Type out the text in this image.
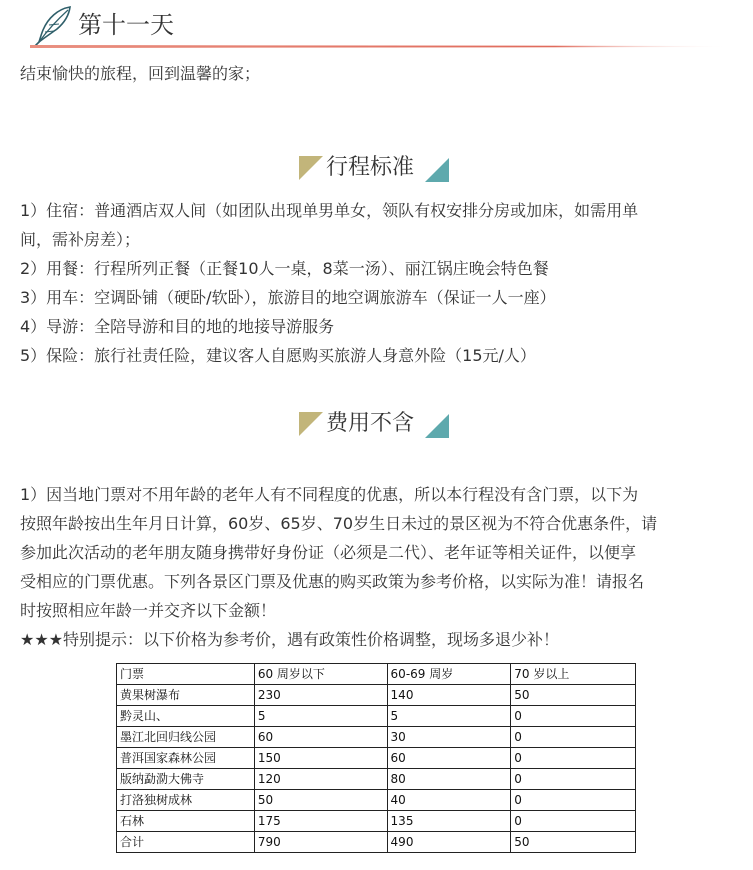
第十一天
结束愉快的旅程，回到温馨的家；
行程标准
1）住宿：普通酒店双人间（如团队出现单男单女，领队有权安排分房或加床，如需用单
间，需补房差）；
2）用餐：行程所列正餐（正餐10人一桌，8菜一汤）、丽江锅庄晚会特色餐
3）用车：空调卧铺（硬卧/软卧），旅游目的地空调旅游车（保证一人一座）
4）导游：全陪导游和目的地的地接导游服务
5）保险：旅行社责任险，建议客人自愿购买旅游人身意外险（15元/人）
费用不含
1）因当地门票对不用年龄的老年人有不同程度的优惠，所以本行程没有含门票，以下为
按照年龄按出生年月日计算，60岁、65岁、70岁生日未过的景区视为不符合优惠条件，请
参加此次活动的老年朋友随身携带好身份证（必须是二代）、老年证等相关证件，以便享
受相应的门票优惠。下列各景区门票及优惠的购买政策为参考价格，以实际为准！请报名
时按照相应年龄一并交齐以下金额！
★★★特别提示：以下价格为参考价，遇有政策性价格调整，现场多退少补！
门票	60 周岁以下	60-69 周岁	70 岁以上
黄果树瀑布	230	140	50
黔灵山、	5	5	0
墨江北回归线公园	60	30	0
普洱国家森林公园	150	60	0
版纳勐泐大佛寺	120	80	0
打洛独树成林	50	40	0
石林	175	135	0
合计	790	490	50
